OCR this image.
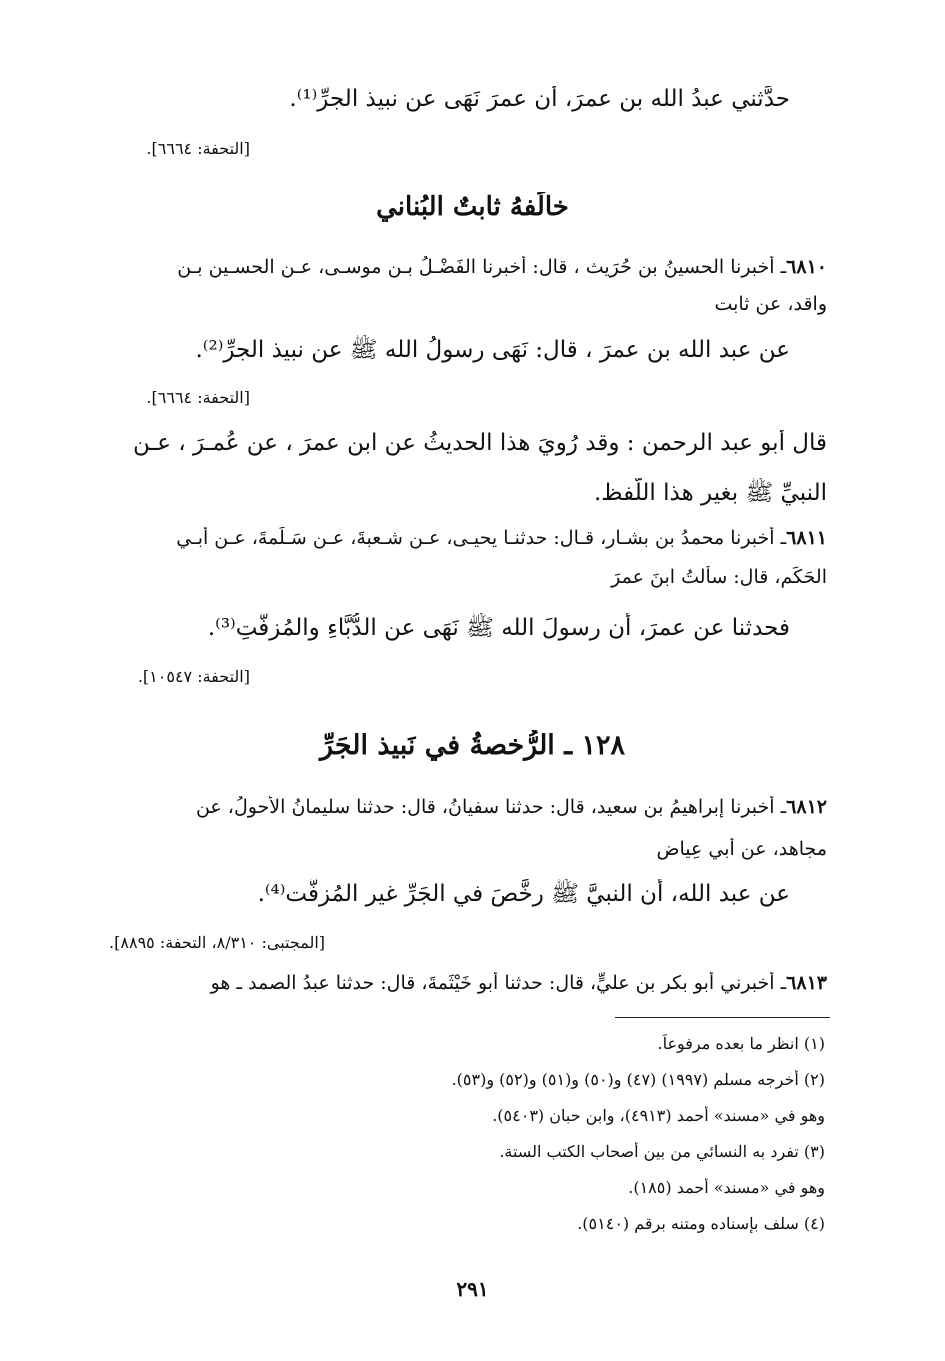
حدَّثني عبدُ الله بن عمرَ، أن عمرَ نَهَى عن نبيذ الجرِّ⁽¹⁾.
[التحفة: ٦٦٦٤].
خالَفهُ ثابتٌ البُناني
٦٨١٠ـ أخبرنا الحسينُ بن حُرَيث ، قال: أخبرنا الفَضْـلُ بـن موسـى، عـن الحسـين بـن
واقد، عن ثابت
عن عبد الله بن عمرَ ، قال: نَهَى رسولُ الله ﷺ عن نبيذ الجرِّ⁽²⁾.
[التحفة: ٦٦٦٤].
قال أبو عبد الرحمن : وقد رُوِيَ هذا الحديثُ عن ابن عمرَ ، عن عُمـرَ ، عـن
النبيِّ ﷺ بغير هذا اللَّفظ.
٦٨١١ـ أخبرنا محمدُ بن بشـار، قـال: حدثنـا يحيـى، عـن شـعبةَ، عـن سَـلَمةَ، عـن أبـي
الحَكَم، قال: سألتُ ابنَ عمرَ
فحدثنا عن عمرَ، أن رسولَ الله ﷺ نَهَى عن الدُّبَّاءِ والمُزفَّتِ⁽³⁾.
[التحفة: ١٠٥٤٧].
١٢٨ ـ الرُّخصةُ في نَبيذ الجَرِّ
٦٨١٢ـ أخبرنا إبراهيمُ بن سعيد، قال: حدثنا سفيانُ، قال: حدثنا سليمانُ الأحولُ، عن
مجاهد، عن أبي عِياض
عن عبد الله، أن النبيَّ ﷺ رخَّصَ في الجَرِّ غير المُزفَّت⁽⁴⁾.
[المجتبى: ٨/٣١٠، التحفة: ٨٨٩٥].
٦٨١٣ـ أخبرني أبو بكر بن عليٍّ، قال: حدثنا أبو خَيْثَمةَ، قال: حدثنا عبدُ الصمد ـ هو
(١) انظر ما بعده مرفوعاً.
(٢) أخرجه مسلم (١٩٩٧) (٤٧) و(٥٠) و(٥١) و(٥٢) و(٥٣).
وهو في «مسند» أحمد (٤٩١٣)، وابن حبان (٥٤٠٣).
(٣) تفرد به النسائي من بين أصحاب الكتب الستة.
وهو في «مسند» أحمد (١٨٥).
(٤) سلف بإسناده ومتنه برقم (٥١٤٠).
٢٩١
